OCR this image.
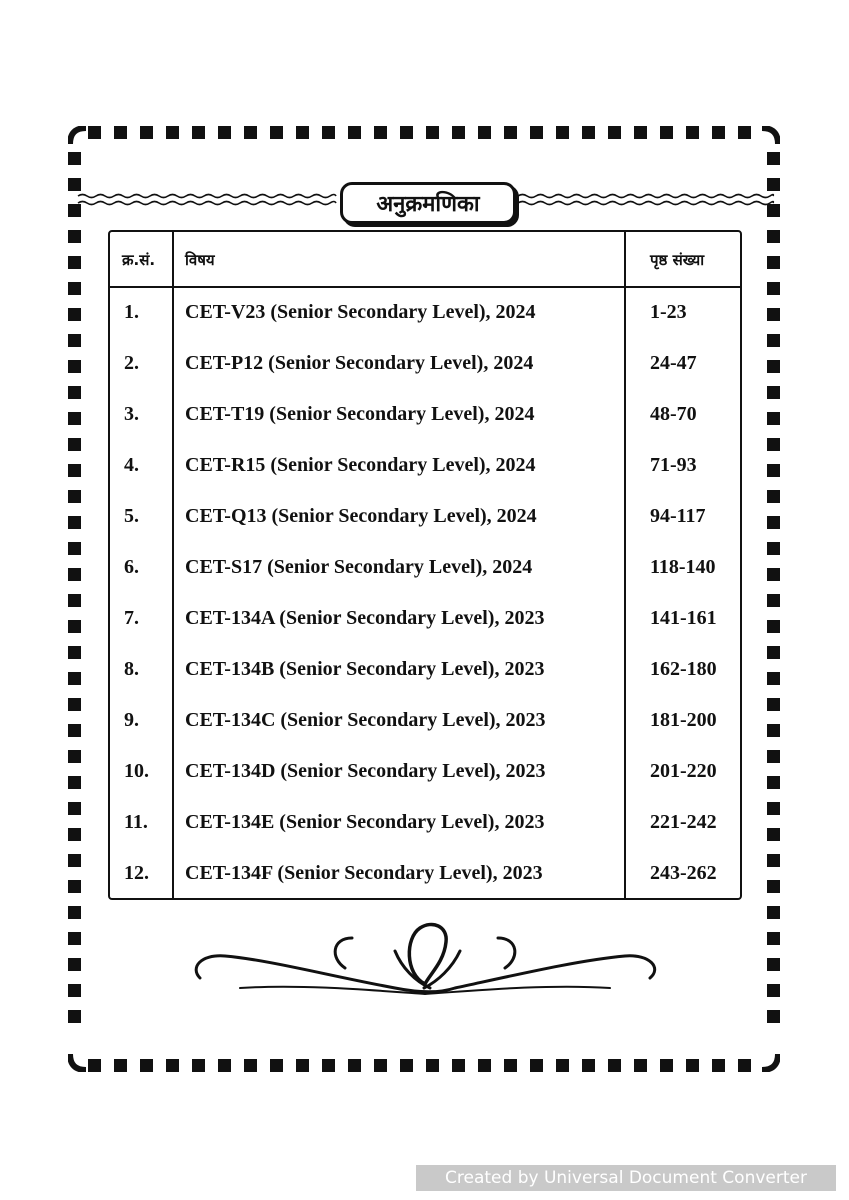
अनुक्रमणिका
क्र.सं. विषय	पृष्ठ संख्या
1. CET-V23 (Senior Secondary Level), 2024	1-23
2. CET-P12 (Senior Secondary Level), 2024	24-47
3. CET-T19 (Senior Secondary Level), 2024	48-70
4. CET-R15 (Senior Secondary Level), 2024	71-93
5. CET-Q13 (Senior Secondary Level), 2024	94-117
6. CET-S17 (Senior Secondary Level), 2024	118-140
7. CET-134A (Senior Secondary Level), 2023	141-161
8. CET-134B (Senior Secondary Level), 2023	162-180
9. CET-134C (Senior Secondary Level), 2023	181-200
10. CET-134D (Senior Secondary Level), 2023	201-220
11. CET-134E (Senior Secondary Level), 2023	221-242
12. CET-134F (Senior Secondary Level), 2023	243-262
Created by Universal Document Converter
